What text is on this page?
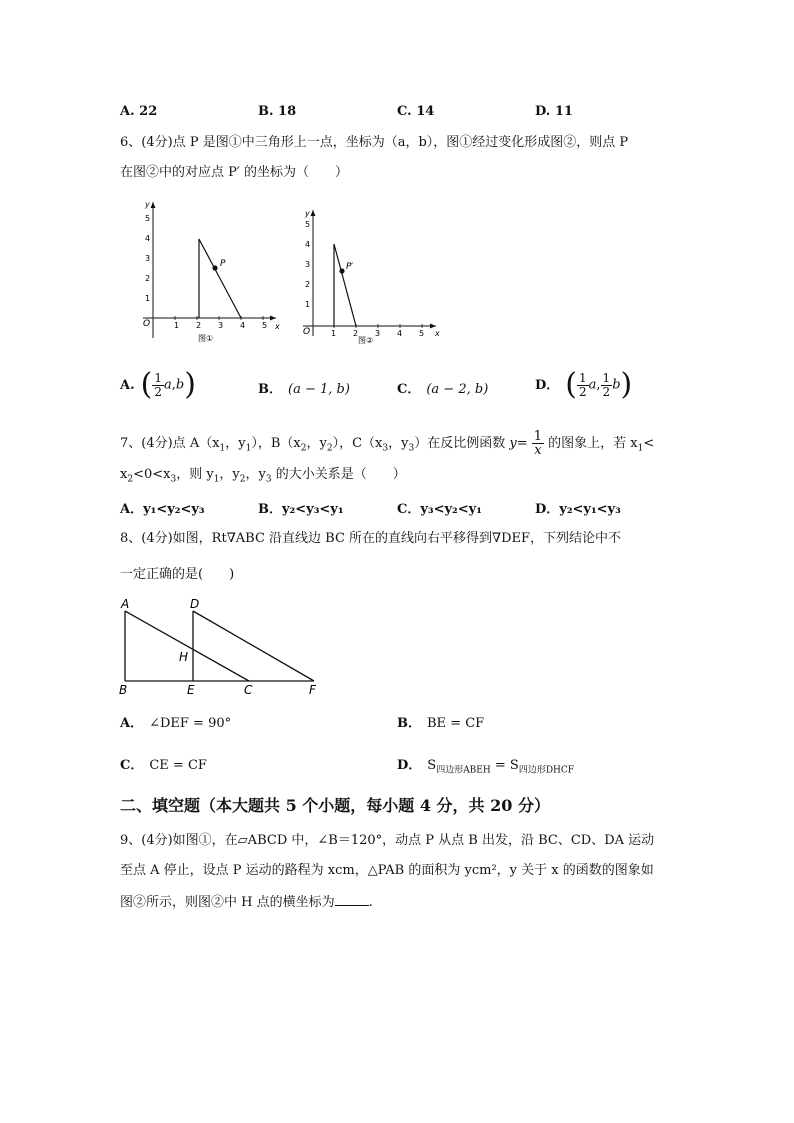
A. 22	B. 18	C. 14	D. 11
6、(4分)点 P 是图①中三角形上一点，坐标为（a，b），图①经过变化形成图②，则点 P
在图②中的对应点 P′ 的坐标为（　　）
x
y
O	1 2 3 4 5
1
2
3
4
5
P
图①
x
y
O	1 2 3 4 5
1
2
3
4
5
P′
图②
A. ( $\frac{1}{2} a,b$)	B． (a − 1, b)	C． (a − 2, b)	D． ( $\frac{1}{2} a$, $\frac{1}{2} b$)
7、(4分)点 $A(x_1$，$y_1$），$B(x_2$，$y_2$），$C(x_3$，$y_3$）在反比例函数 $y= \frac{1}{x}$ 的图象上，若 $x_1<$
$x_2<0<x_3$，则 $y_1$，$y_2$，$y_3$ 的大小关系是（　　）
A．y₁<y₂<y₃	B．y₂<y₃<y₁	C．y₃<y₂<y₁	D．y₂<y₁<y₃
8、(4分)如图，Rt∇ABC 沿直线边 BC 所在的直线向右平移得到∇DEF，下列结论中不
一定正确的是(　　)
A	D
H
B	E	C	F
A． ∠DEF = 90°	B． BE = CF
C． CE = CF	D． $S_{四边形ABEH} = S_{四边形DHCF}$
二、填空题（本大题共 5 个小题，每小题 4 分，共 20 分）
9、(4分)如图①，在▱ABCD 中，∠B＝120°，动点 P 从点 B 出发，沿 BC、CD、DA 运动
至点 A 停止，设点 P 运动的路程为 xcm，△PAB 的面积为 ycm²，y 关于 x 的函数的图象如
图②所示，则图②中 H 点的横坐标为	.
